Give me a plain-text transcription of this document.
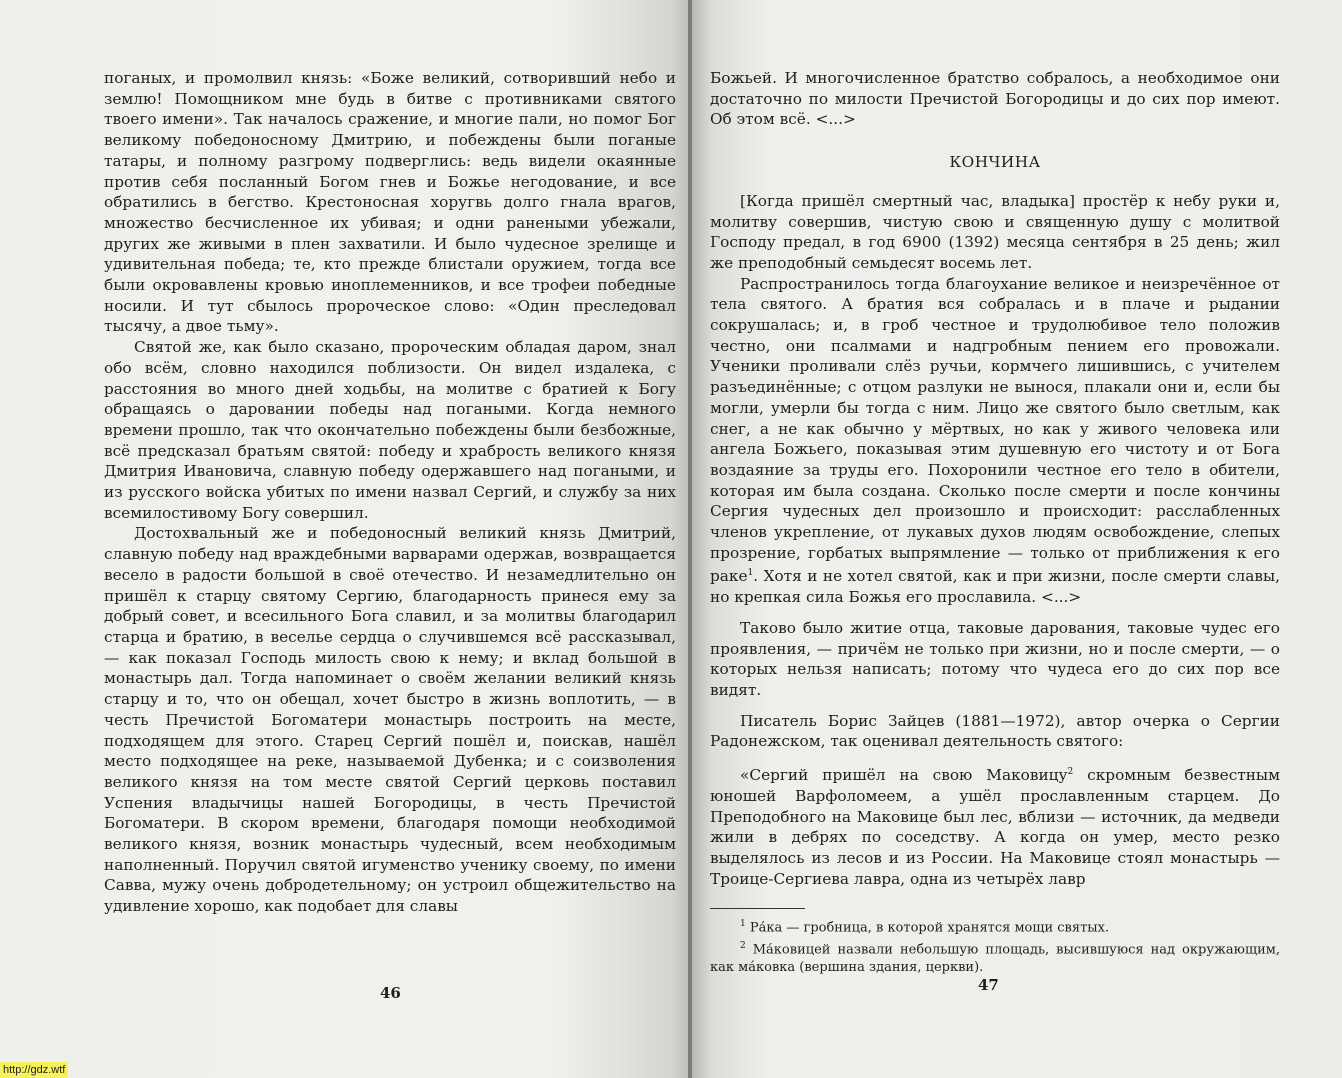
поганых, и промолвил князь: «Боже великий, сотворивший небо и землю! Помощником мне будь в битве с противниками святого твоего имени». Так началось сражение, и многие пали, но помог Бог великому победоносному Дмитрию, и побеждены были поганые татары, и полному разгрому подверглись: ведь видели окаянные против себя посланный Богом гнев и Божье негодование, и все обратились в бегство. Крестоносная хоругвь долго гнала врагов, множество бесчисленное их убивая; и одни ранеными убежали, других же живыми в плен захватили. И было чудесное зрелище и удивительная победа; те, кто прежде блистали оружием, тогда все были окровавлены кровью иноплеменников, и все трофеи победные носили. И тут сбылось пророческое слово: «Один преследовал тысячу, а двое тьму».

Святой же, как было сказано, пророческим обладая даром, знал обо всём, словно находился поблизости. Он видел издалека, с расстояния во много дней ходьбы, на молитве с братией к Богу обращаясь о даровании победы над погаными. Когда немного времени прошло, так что окончательно побеждены были безбожные, всё предсказал братьям святой: победу и храбрость великого князя Дмитрия Ивановича, славную победу одержавшего над погаными, и из русского войска убитых по имени назвал Сергий, и службу за них всемилостивому Богу совершил.

Достохвальный же и победоносный великий князь Дмитрий, славную победу над враждебными варварами одержав, возвращается весело в радости большой в своё отечество. И незамедлительно он пришёл к старцу святому Сергию, благодарность принеся ему за добрый совет, и всесильного Бога славил, и за молитвы благодарил старца и братию, в веселье сердца о случившемся всё рассказывал, — как показал Господь милость свою к нему; и вклад большой в монастырь дал. Тогда напоминает о своём желании великий князь старцу и то, что он обещал, хочет быстро в жизнь воплотить, — в честь Пречистой Богоматери монастырь построить на месте, подходящем для этого. Старец Сергий пошёл и, поискав, нашёл место подходящее на реке, называемой Дубенка; и с соизволения великого князя на том месте святой Сергий церковь поставил Успения владычицы нашей Богородицы, в честь Пречистой Богоматери. В скором времени, благодаря помощи необходимой великого князя, возник монастырь чудесный, всем необходимым наполненный. Поручил святой игуменство ученику своему, по имени Савва, мужу очень добродетельному; он устроил общежительство на удивление хорошо, как подобает для славы

46

Божьей. И многочисленное братство собралось, а необходимое они достаточно по милости Пречистой Богородицы и до сих пор имеют. Об этом всё. <...>

КОНЧИНА

[Когда пришёл смертный час, владыка] простёр к небу руки и, молитву совершив, чистую свою и священную душу с молитвой Господу предал, в год 6900 (1392) месяца сентября в 25 день; жил же преподобный семьдесят восемь лет.

Распространилось тогда благоухание великое и неизречённое от тела святого. А братия вся собралась и в плаче и рыдании сокрушалась; и, в гроб честное и трудолюбивое тело положив честно, они псалмами и надгробным пением его провожали. Ученики проливали слёз ручьи, кормчего лишившись, с учителем разъединённые; с отцом разлуки не вынося, плакали они и, если бы могли, умерли бы тогда с ним. Лицо же святого было светлым, как снег, а не как обычно у мёртвых, но как у живого человека или ангела Божьего, показывая этим душевную его чистоту и от Бога воздаяние за труды его. Похоронили честное его тело в обители, которая им была создана. Сколько после смерти и после кончины Сергия чудесных дел произошло и происходит: расслабленных членов укрепление, от лукавых духов людям освобождение, слепых прозрение, горбатых выпрямление — только от приближения к его раке$^1$. Хотя и не хотел святой, как и при жизни, после смерти славы, но крепкая сила Божья его прославила. <...>

Таково было житие отца, таковые дарования, таковые чудес его проявления, — причём не только при жизни, но и после смерти, — о которых нельзя написать; потому что чудеса его до сих пор все видят.

Писатель Борис Зайцев (1881—1972), автор очерка о Сергии Радонежском, так оценивал деятельность святого:

«Сергий пришёл на свою Маковицу$^2$ скромным безвестным юношей Варфоломеем, а ушёл прославленным старцем. До Преподобного на Маковице был лес, вблизи — источник, да медведи жили в дебрях по соседству. А когда он умер, место резко выделялось из лесов и из России. На Маковице стоял монастырь — Троице-Сергиева лавра, одна из четырёх лавр

$^1$ Ра́ка — гробница, в которой хранятся мощи святых.

$^2$ Ма́ковицей назвали небольшую площадь, высившуюся над окружающим, как ма́ковка (вершина здания, церкви).

47
http://gdz.wtf
